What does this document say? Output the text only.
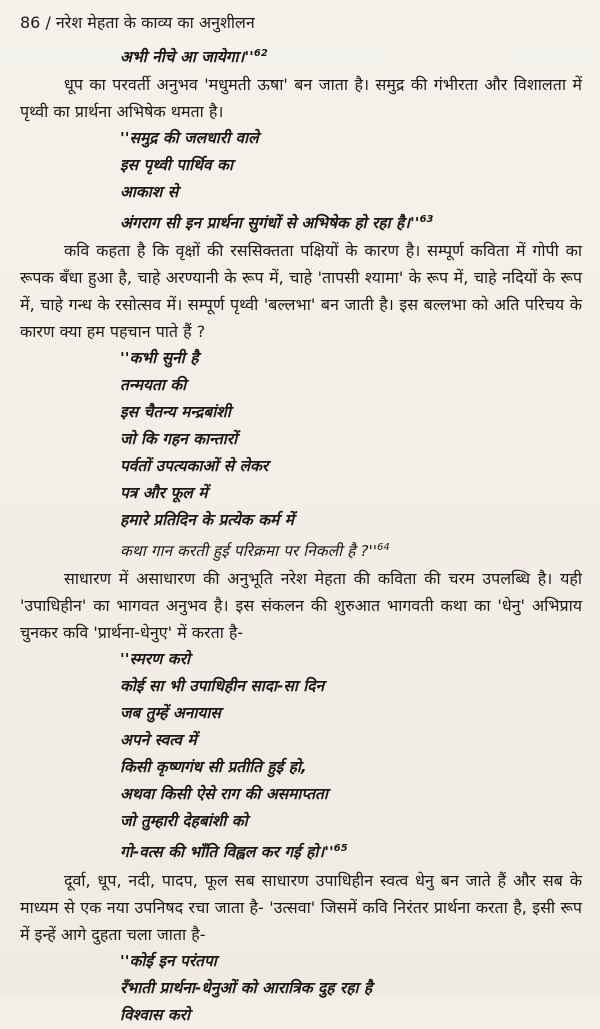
86 / नरेश मेहता के काव्य का अनुशीलन
अभी नीचे आ जायेगा।''$^{62}$

धूप का परवर्ती अनुभव 'मधुमती ऊषा' बन जाता है। समुद्र की गंभीरता और विशालता में पृथ्वी का प्रार्थना अभिषेक थमता है।

''समुद्र की जलधारी वाले
इस पृथ्वी पार्थिव का
आकाश से
अंगराग सी इन प्रार्थना सुगंधों से अभिषेक हो रहा है।''$^{63}$

कवि कहता है कि वृक्षों की रससिक्तता पक्षियों के कारण है। सम्पूर्ण कविता में गोपी का रूपक बँधा हुआ है, चाहे अरण्यानी के रूप में, चाहे 'तापसी श्यामा' के रूप में, चाहे नदियों के रूप में, चाहे गन्ध के रसोत्सव में। सम्पूर्ण पृथ्वी 'बल्लभा' बन जाती है। इस बल्लभा को अति परिचय के कारण क्या हम पहचान पाते हैं ?

''कभी सुनी है
तन्मयता की
इस चैतन्य मन्द्रबांशी
जो कि गहन कान्तारों
पर्वतों उपत्यकाओं से लेकर
पत्र और फूल में
हमारे प्रतिदिन के प्रत्येक कर्म में
कथा गान करती हुई परिक्रमा पर निकली है ?''$^{64}$

साधारण में असाधारण की अनुभूति नरेश मेहता की कविता की चरम उपलब्धि है। यही 'उपाधिहीन' का भागवत अनुभव है। इस संकलन की शुरुआत भागवती कथा का 'धेनु' अभिप्राय चुनकर कवि 'प्रार्थना-धेनुए' में करता है-

''स्मरण करो
कोई सा भी उपाधिहीन सादा-सा दिन
जब तुम्हें अनायास
अपने स्वत्व में
किसी कृष्णगंध सी प्रतीति हुई हो,
अथवा किसी ऐसे राग की असमाप्तता
जो तुम्हारी देहबांशी को
गो-वत्स की भाँति विह्वल कर गई हो।''$^{65}$

दूर्वा, धूप, नदी, पादप, फूल सब साधारण उपाधिहीन स्वत्व धेनु बन जाते हैं और सब के माध्यम से एक नया उपनिषद रचा जाता है- 'उत्सवा' जिसमें कवि निरंतर प्रार्थना करता है, इसी रूप में इन्हें आगे दुहता चला जाता है-

''कोई इन परंतपा
रँभाती प्रार्थना-धेनुओं को आरात्रिक दुह रहा है
विश्वास करो
